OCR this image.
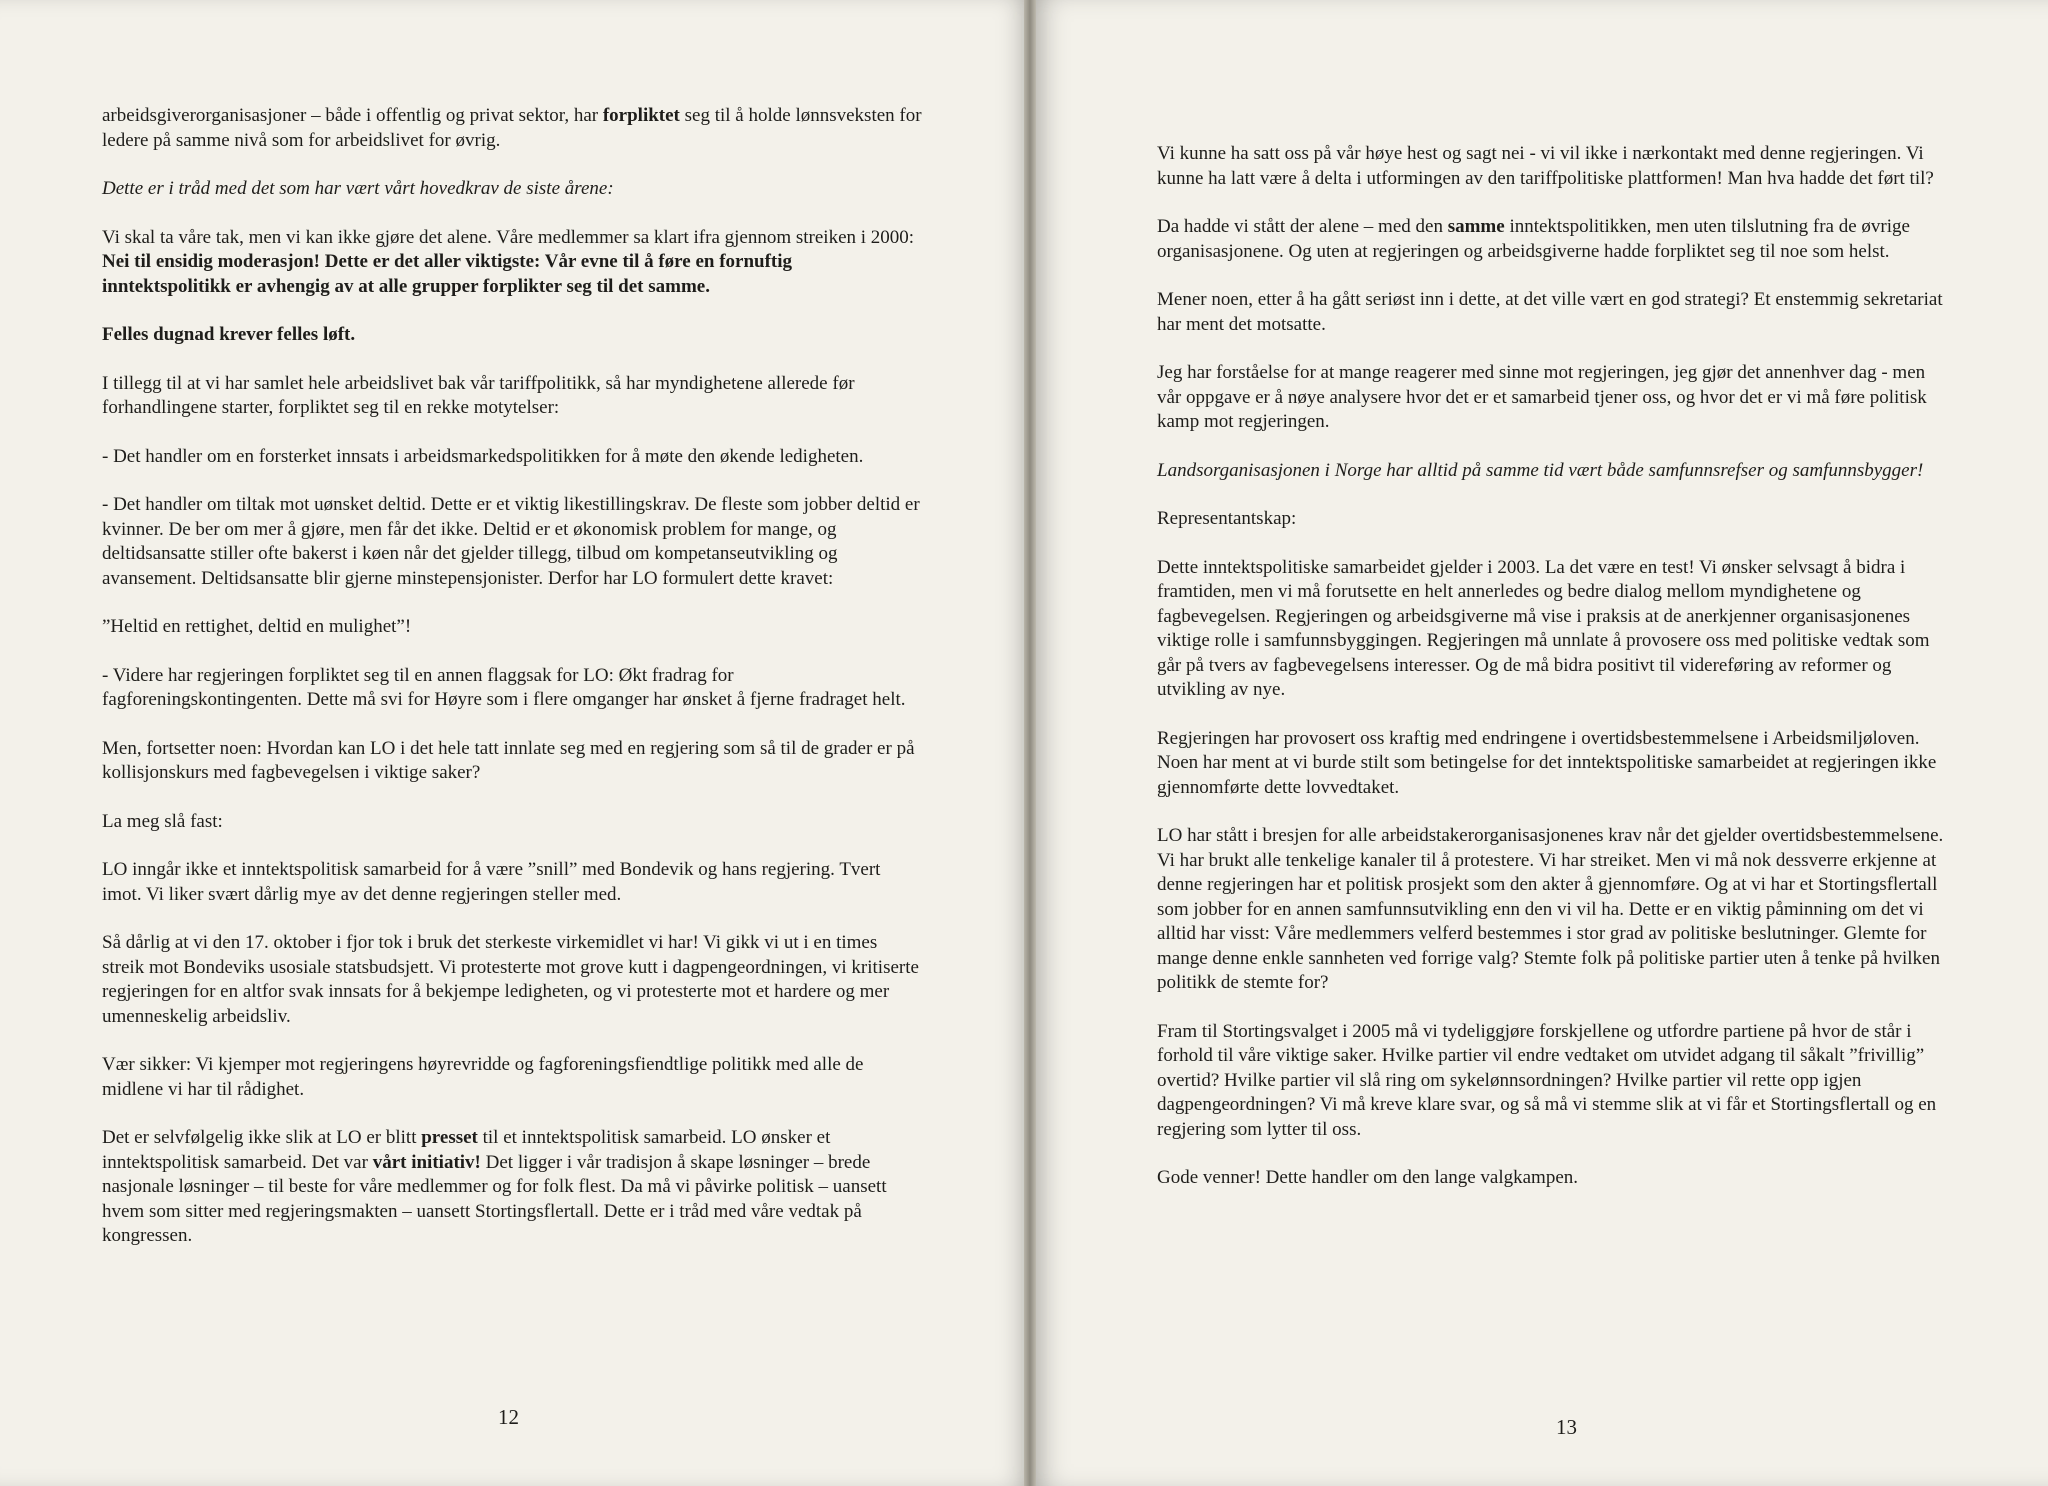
arbeidsgiverorganisasjoner – både i offentlig og privat sektor, har forpliktet seg til å holde lønnsveksten for ledere på samme nivå som for arbeidslivet for øvrig.

Dette er i tråd med det som har vært vårt hovedkrav de siste årene:

Vi skal ta våre tak, men vi kan ikke gjøre det alene. Våre medlemmer sa klart ifra gjennom streiken i 2000: Nei til ensidig moderasjon! Dette er det aller viktigste: Vår evne til å føre en fornuftig inntektspolitikk er avhengig av at alle grupper forplikter seg til det samme.

Felles dugnad krever felles løft.

I tillegg til at vi har samlet hele arbeidslivet bak vår tariffpolitikk, så har myndighetene allerede før forhandlingene starter, forpliktet seg til en rekke motytelser:

- Det handler om en forsterket innsats i arbeidsmarkedspolitikken for å møte den økende ledigheten.

- Det handler om tiltak mot uønsket deltid. Dette er et viktig likestillingskrav. De fleste som jobber deltid er kvinner. De ber om mer å gjøre, men får det ikke. Deltid er et økonomisk problem for mange, og deltidsansatte stiller ofte bakerst i køen når det gjelder tillegg, tilbud om kompetanseutvikling og avansement. Deltidsansatte blir gjerne minstepensjonister. Derfor har LO formulert dette kravet:

”Heltid en rettighet, deltid en mulighet”!

- Videre har regjeringen forpliktet seg til en annen flaggsak for LO: Økt fradrag for fagforeningskontingenten. Dette må svi for Høyre som i flere omganger har ønsket å fjerne fradraget helt.

Men, fortsetter noen: Hvordan kan LO i det hele tatt innlate seg med en regjering som så til de grader er på kollisjonskurs med fagbevegelsen i viktige saker?

La meg slå fast:

LO inngår ikke et inntektspolitisk samarbeid for å være ”snill” med Bondevik og hans regjering. Tvert imot. Vi liker svært dårlig mye av det denne regjeringen steller med.

Så dårlig at vi den 17. oktober i fjor tok i bruk det sterkeste virkemidlet vi har! Vi gikk vi ut i en times streik mot Bondeviks usosiale statsbudsjett. Vi protesterte mot grove kutt i dagpengeordningen, vi kritiserte regjeringen for en altfor svak innsats for å bekjempe ledigheten, og vi protesterte mot et hardere og mer umenneskelig arbeidsliv.

Vær sikker: Vi kjemper mot regjeringens høyrevridde og fagforeningsfiendtlige politikk med alle de midlene vi har til rådighet.

Det er selvfølgelig ikke slik at LO er blitt presset til et inntektspolitisk samarbeid. LO ønsker et inntektspolitisk samarbeid. Det var vårt initiativ! Det ligger i vår tradisjon å skape løsninger – brede nasjonale løsninger – til beste for våre medlemmer og for folk flest. Da må vi påvirke politisk – uansett hvem som sitter med regjeringsmakten – uansett Stortingsflertall. Dette er i tråd med våre vedtak på kongressen.

12

Vi kunne ha satt oss på vår høye hest og sagt nei - vi vil ikke i nærkontakt med denne regjeringen. Vi kunne ha latt være å delta i utformingen av den tariffpolitiske plattformen! Man hva hadde det ført til?

Da hadde vi stått der alene – med den samme inntektspolitikken, men uten tilslutning fra de øvrige organisasjonene. Og uten at regjeringen og arbeidsgiverne hadde forpliktet seg til noe som helst.

Mener noen, etter å ha gått seriøst inn i dette, at det ville vært en god strategi? Et enstemmig sekretariat har ment det motsatte.

Jeg har forståelse for at mange reagerer med sinne mot regjeringen, jeg gjør det annenhver dag - men vår oppgave er å nøye analysere hvor det er et samarbeid tjener oss, og hvor det er vi må føre politisk kamp mot regjeringen.

Landsorganisasjonen i Norge har alltid på samme tid vært både samfunnsrefser og samfunnsbygger!

Representantskap:

Dette inntektspolitiske samarbeidet gjelder i 2003. La det være en test! Vi ønsker selvsagt å bidra i framtiden, men vi må forutsette en helt annerledes og bedre dialog mellom myndighetene og fagbevegelsen. Regjeringen og arbeidsgiverne må vise i praksis at de anerkjenner organisasjonenes viktige rolle i samfunnsbyggingen. Regjeringen må unnlate å provosere oss med politiske vedtak som går på tvers av fagbevegelsens interesser. Og de må bidra positivt til videreføring av reformer og utvikling av nye.

Regjeringen har provosert oss kraftig med endringene i overtidsbestemmelsene i Arbeidsmiljøloven. Noen har ment at vi burde stilt som betingelse for det inntektspolitiske samarbeidet at regjeringen ikke gjennomførte dette lovvedtaket.

LO har stått i bresjen for alle arbeidstakerorganisasjonenes krav når det gjelder overtidsbestemmelsene. Vi har brukt alle tenkelige kanaler til å protestere. Vi har streiket. Men vi må nok dessverre erkjenne at denne regjeringen har et politisk prosjekt som den akter å gjennomføre. Og at vi har et Stortingsflertall som jobber for en annen samfunnsutvikling enn den vi vil ha. Dette er en viktig påminning om det vi alltid har visst: Våre medlemmers velferd bestemmes i stor grad av politiske beslutninger. Glemte for mange denne enkle sannheten ved forrige valg? Stemte folk på politiske partier uten å tenke på hvilken politikk de stemte for?

Fram til Stortingsvalget i 2005 må vi tydeliggjøre forskjellene og utfordre partiene på hvor de står i forhold til våre viktige saker. Hvilke partier vil endre vedtaket om utvidet adgang til såkalt ”frivillig” overtid? Hvilke partier vil slå ring om sykelønnsordningen? Hvilke partier vil rette opp igjen dagpengeordningen? Vi må kreve klare svar, og så må vi stemme slik at vi får et Stortingsflertall og en regjering som lytter til oss.

Gode venner! Dette handler om den lange valgkampen.

13
